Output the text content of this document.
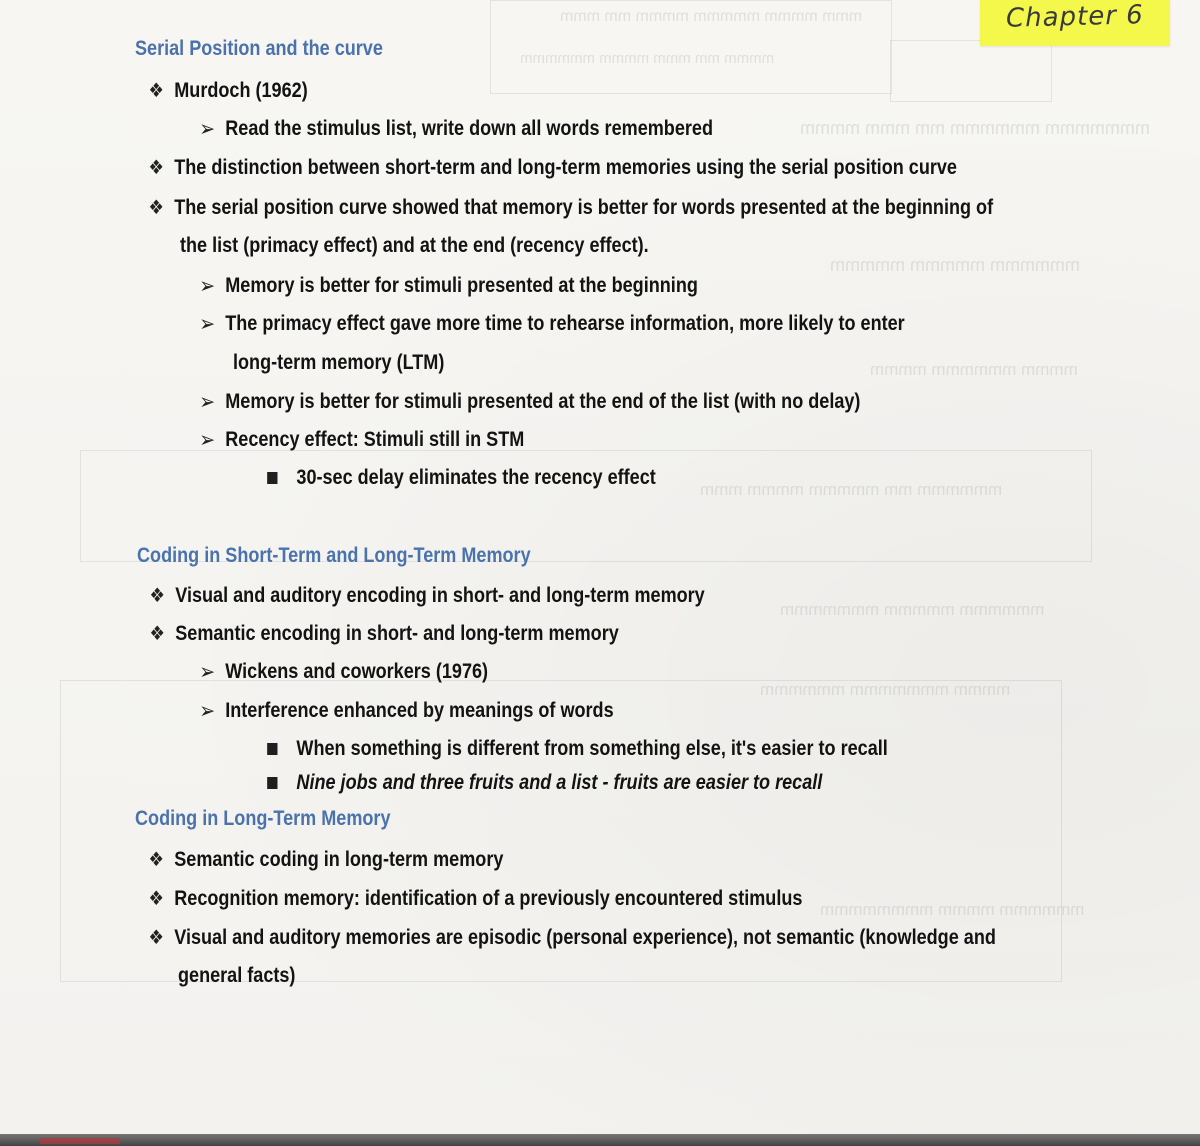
mmm mmmm mmmmm mmmm mm mmm
mmmm mm mmm mmmm mmmmmm
mmmmmmm mmmmmm mm mmm mmmm
mmmmmm mmmmm mmmmm
mmmm mmmmmm mmmm
mmmmmm mm mmmmm mmmm mmm
mmmmmm mmmmm mmmmmmm
mmmm mmmmmmm mmmmmm
mmmmmm mmmm mmmmmmmm
Chapter 6
Serial Position and the curve
❖ Murdoch (1962)
➢ Read the stimulus list, write down all words remembered
❖ The distinction between short-term and long-term memories using the serial position curve
❖ The serial position curve showed that memory is better for words presented at the beginning of
the list (primacy effect) and at the end (recency effect).
➢ Memory is better for stimuli presented at the beginning
➢ The primacy effect gave more time to rehearse information, more likely to enter
long-term memory (LTM)
➢ Memory is better for stimuli presented at the end of the list (with no delay)
➢ Recency effect: Stimuli still in STM
30-sec delay eliminates the recency effect
Coding in Short-Term and Long-Term Memory
❖ Visual and auditory encoding in short- and long-term memory
❖ Semantic encoding in short- and long-term memory
➢ Wickens and coworkers (1976)
➢ Interference enhanced by meanings of words
When something is different from something else, it's easier to recall
Nine jobs and three fruits and a list - fruits are easier to recall
Coding in Long-Term Memory
❖ Semantic coding in long-term memory
❖ Recognition memory: identification of a previously encountered stimulus
❖ Visual and auditory memories are episodic (personal experience), not semantic (knowledge and
general facts)
